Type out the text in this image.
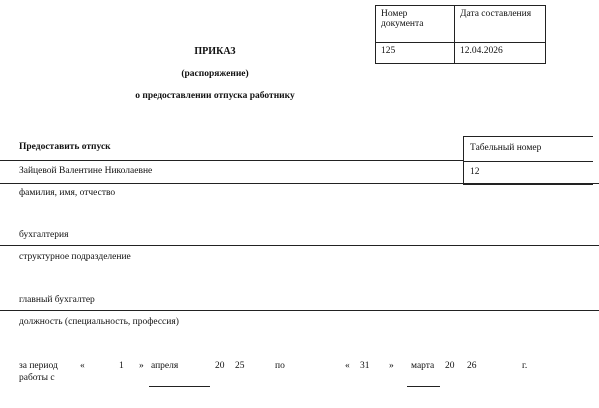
Номер документа	Дата составления
125	12.04.2026
ПРИКАЗ
(распоряжение)
о предоставлении отпуска работнику
Предоставить отпуск	Табельный номер
12
Зайцевой Валентине Николаевне
фамилия, имя, отчество
бухгалтерия
структурное подразделение
главный бухгалтер
должность (специальность, профессия)
за период
работы с
«	1 » апреля	20 25	по	« 31 » марта 20 26	г.
